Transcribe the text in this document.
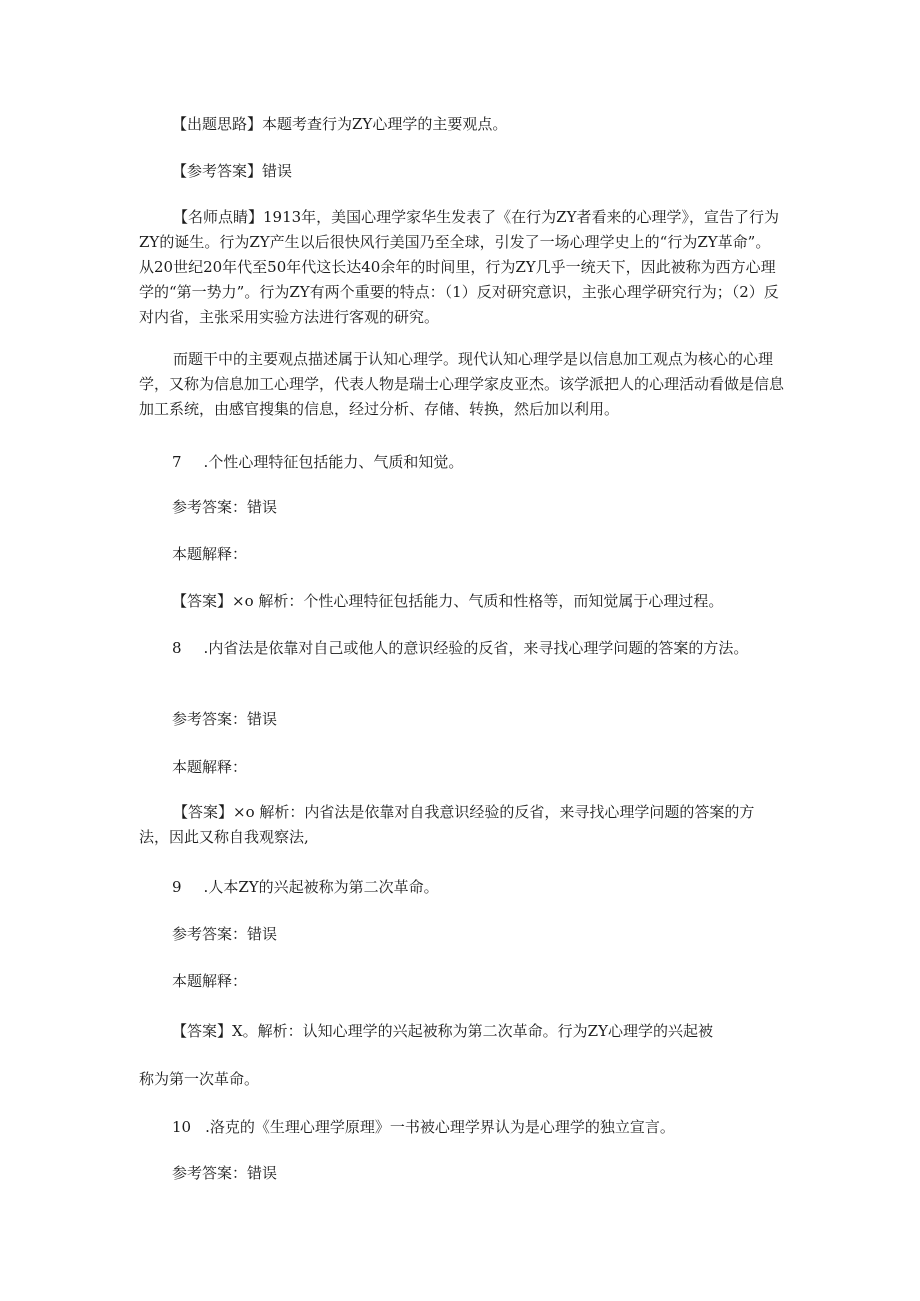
【出题思路】本题考查行为ZY心理学的主要观点。
【参考答案】错误
【名师点睛】1913年，美国心理学家华生发表了《在行为ZY者看来的心理学》，宣告了行为ZY的诞生。行为ZY产生以后很快风行美国乃至全球，引发了一场心理学史上的“行为ZY革命”。从20世纪20年代至50年代这长达40余年的时间里，行为ZY几乎一统天下，因此被称为西方心理学的“第一势力”。行为ZY有两个重要的特点：（1）反对研究意识，主张心理学研究行为；（2）反对内省，主张采用实验方法进行客观的研究。
而题干中的主要观点描述属于认知心理学。现代认知心理学是以信息加工观点为核心的心理学，又称为信息加工心理学，代表人物是瑞士心理学家皮亚杰。该学派把人的心理活动看做是信息加工系统，由感官搜集的信息，经过分析、存储、转换，然后加以利用。
7 .个性心理特征包括能力、气质和知觉。
参考答案：错误
本题解释：
【答案】×o 解析：个性心理特征包括能力、气质和性格等，而知觉属于心理过程。
8 .内省法是依靠对自己或他人的意识经验的反省，来寻找心理学问题的答案的方法。
参考答案：错误
本题解释：
【答案】×o 解析：内省法是依靠对自我意识经验的反省，来寻找心理学问题的答案的方法，因此又称自我观察法,
9 .人本ZY的兴起被称为第二次革命。
参考答案：错误
本题解释：
【答案】X。解析：认知心理学的兴起被称为第二次革命。行为ZY心理学的兴起被
称为第一次革命。
10 .洛克的《生理心理学原理》一书被心理学界认为是心理学的独立宣言。
参考答案：错误
